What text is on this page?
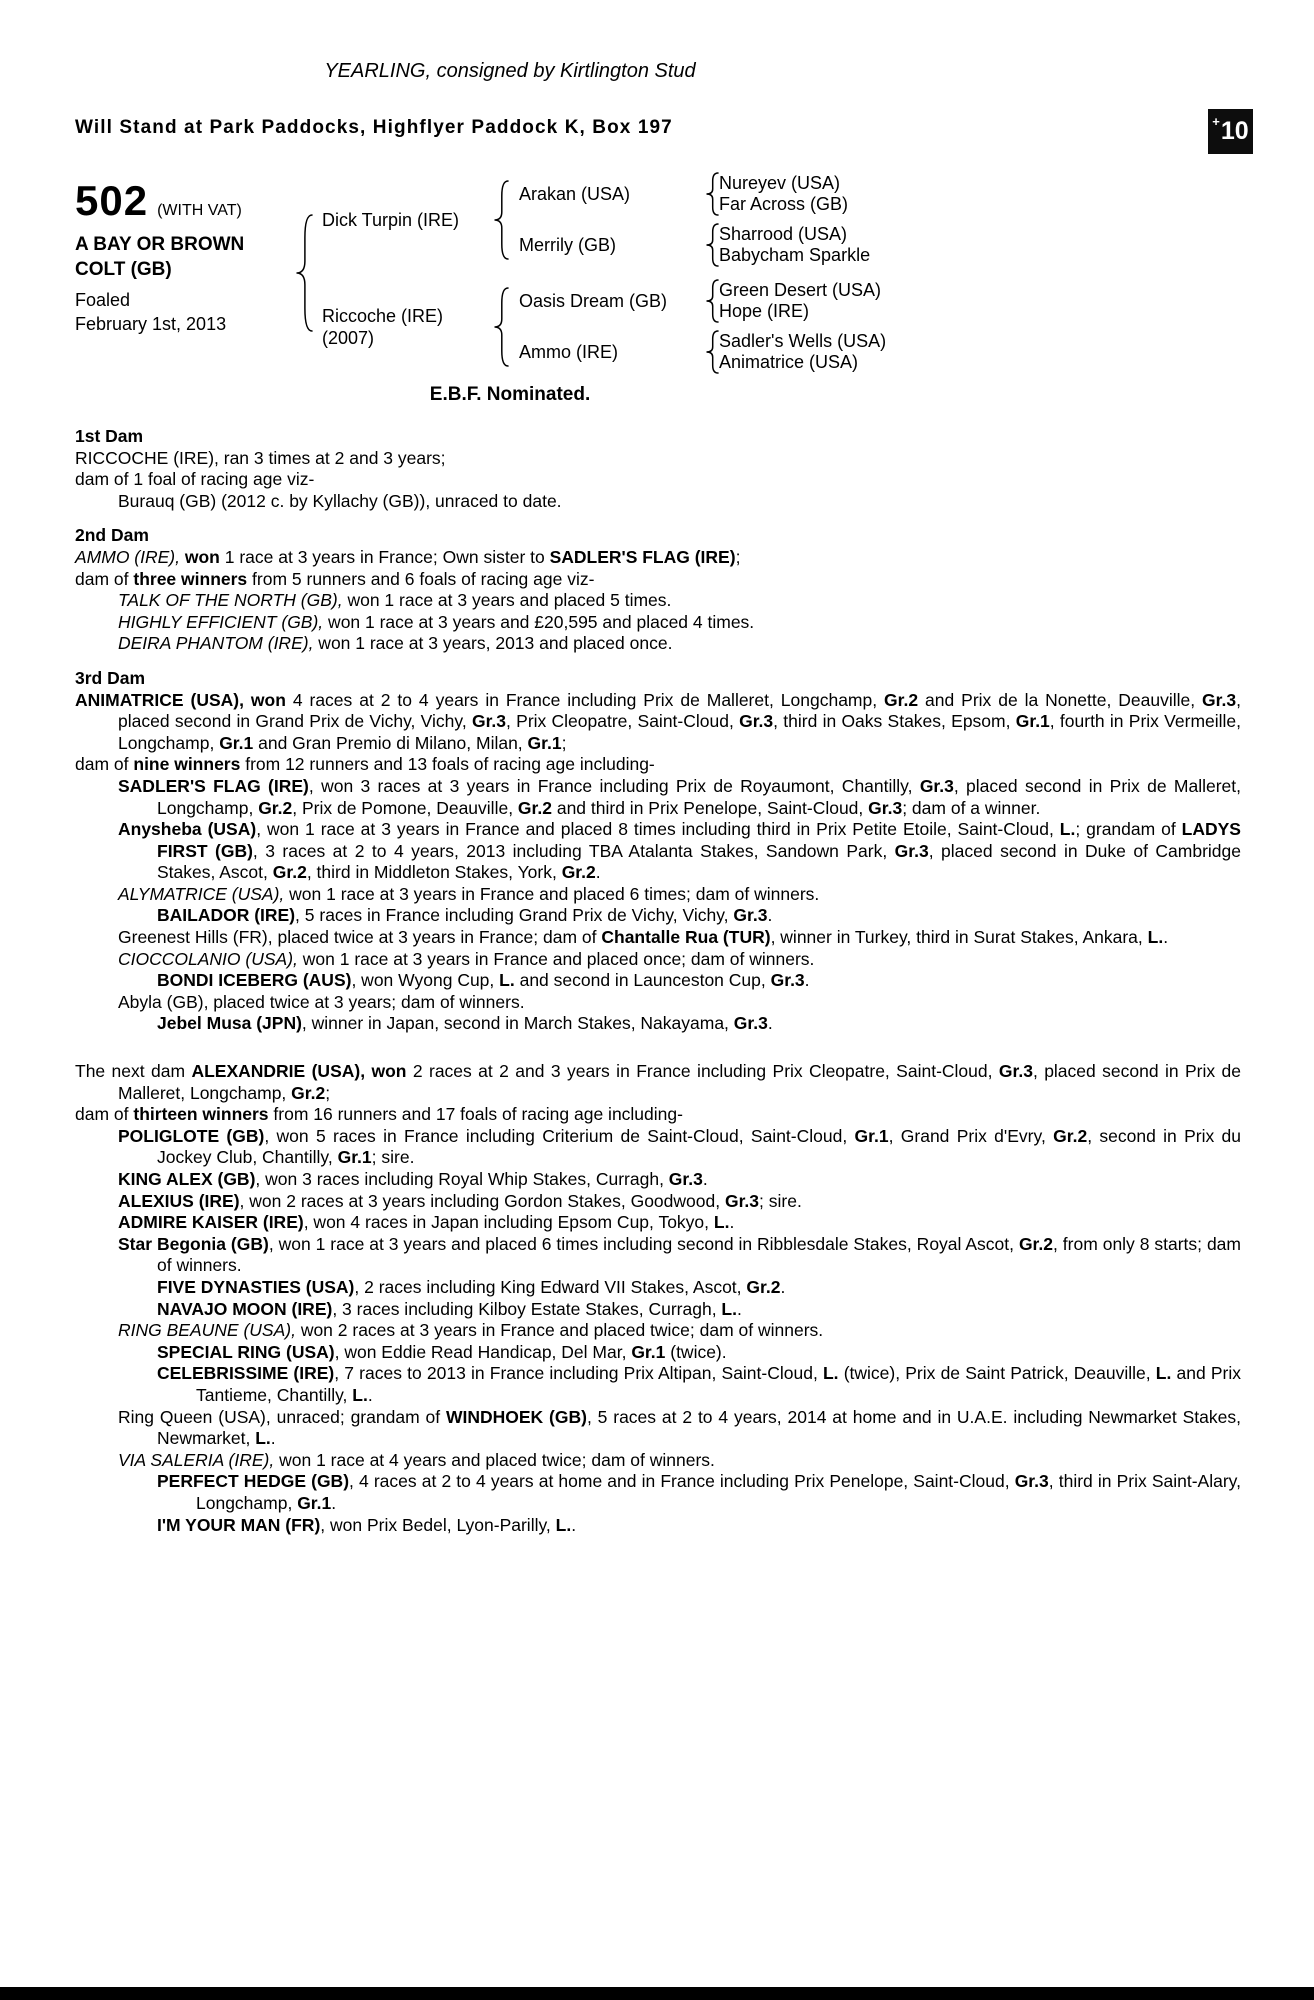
YEARLING, consigned by Kirtlington Stud
Will Stand at Park Paddocks, Highflyer Paddock K, Box 197	+ 10
502 (WITH VAT)
A BAY OR BROWN
COLT (GB)
Foaled
February 1st, 2013
Dick Turpin (IRE)
Arakan (USA)
Nureyev (USA)
Far Across (GB)
Merrily (GB)
Sharrood (USA)
Babycham Sparkle
Riccoche (IRE)
(2007)
Oasis Dream (GB)
Green Desert (USA)
Hope (IRE)
Ammo (IRE)
Sadler's Wells (USA)
Animatrice (USA)
E.B.F. Nominated.
1st Dam
RICCOCHE (IRE), ran 3 times at 2 and 3 years;
dam of 1 foal of racing age viz-
Burauq (GB) (2012 c. by Kyllachy (GB)), unraced to date.
2nd Dam
AMMO (IRE), won 1 race at 3 years in France; Own sister to SADLER'S FLAG (IRE);
dam of three winners from 5 runners and 6 foals of racing age viz-
TALK OF THE NORTH (GB), won 1 race at 3 years and placed 5 times.
HIGHLY EFFICIENT (GB), won 1 race at 3 years and £20,595 and placed 4 times.
DEIRA PHANTOM (IRE), won 1 race at 3 years, 2013 and placed once.
3rd Dam
ANIMATRICE (USA), won 4 races at 2 to 4 years in France including Prix de Malleret, Longchamp, Gr.2 and Prix de la Nonette, Deauville, Gr.3, placed second in Grand Prix de Vichy, Vichy, Gr.3, Prix Cleopatre, Saint-Cloud, Gr.3, third in Oaks Stakes, Epsom, Gr.1, fourth in Prix Vermeille, Longchamp, Gr.1 and Gran Premio di Milano, Milan, Gr.1;
dam of nine winners from 12 runners and 13 foals of racing age including-
SADLER'S FLAG (IRE), won 3 races at 3 years in France including Prix de Royaumont, Chantilly, Gr.3, placed second in Prix de Malleret, Longchamp, Gr.2, Prix de Pomone, Deauville, Gr.2 and third in Prix Penelope, Saint-Cloud, Gr.3; dam of a winner.
Anysheba (USA), won 1 race at 3 years in France and placed 8 times including third in Prix Petite Etoile, Saint-Cloud, L.; grandam of LADYS FIRST (GB), 3 races at 2 to 4 years, 2013 including TBA Atalanta Stakes, Sandown Park, Gr.3, placed second in Duke of Cambridge Stakes, Ascot, Gr.2, third in Middleton Stakes, York, Gr.2.
ALYMATRICE (USA), won 1 race at 3 years in France and placed 6 times; dam of winners.
BAILADOR (IRE), 5 races in France including Grand Prix de Vichy, Vichy, Gr.3.
Greenest Hills (FR), placed twice at 3 years in France; dam of Chantalle Rua (TUR), winner in Turkey, third in Surat Stakes, Ankara, L..
CIOCCOLANIO (USA), won 1 race at 3 years in France and placed once; dam of winners.
BONDI ICEBERG (AUS), won Wyong Cup, L. and second in Launceston Cup, Gr.3.
Abyla (GB), placed twice at 3 years; dam of winners.
Jebel Musa (JPN), winner in Japan, second in March Stakes, Nakayama, Gr.3.
The next dam ALEXANDRIE (USA), won 2 races at 2 and 3 years in France including Prix Cleopatre, Saint-Cloud, Gr.3, placed second in Prix de Malleret, Longchamp, Gr.2;
dam of thirteen winners from 16 runners and 17 foals of racing age including-
POLIGLOTE (GB), won 5 races in France including Criterium de Saint-Cloud, Saint-Cloud, Gr.1, Grand Prix d'Evry, Gr.2, second in Prix du Jockey Club, Chantilly, Gr.1; sire.
KING ALEX (GB), won 3 races including Royal Whip Stakes, Curragh, Gr.3.
ALEXIUS (IRE), won 2 races at 3 years including Gordon Stakes, Goodwood, Gr.3; sire.
ADMIRE KAISER (IRE), won 4 races in Japan including Epsom Cup, Tokyo, L..
Star Begonia (GB), won 1 race at 3 years and placed 6 times including second in Ribblesdale Stakes, Royal Ascot, Gr.2, from only 8 starts; dam of winners.
FIVE DYNASTIES (USA), 2 races including King Edward VII Stakes, Ascot, Gr.2.
NAVAJO MOON (IRE), 3 races including Kilboy Estate Stakes, Curragh, L..
RING BEAUNE (USA), won 2 races at 3 years in France and placed twice; dam of winners.
SPECIAL RING (USA), won Eddie Read Handicap, Del Mar, Gr.1 (twice).
CELEBRISSIME (IRE), 7 races to 2013 in France including Prix Altipan, Saint-Cloud, L. (twice), Prix de Saint Patrick, Deauville, L. and Prix Tantieme, Chantilly, L..
Ring Queen (USA), unraced; grandam of WINDHOEK (GB), 5 races at 2 to 4 years, 2014 at home and in U.A.E. including Newmarket Stakes, Newmarket, L..
VIA SALERIA (IRE), won 1 race at 4 years and placed twice; dam of winners.
PERFECT HEDGE (GB), 4 races at 2 to 4 years at home and in France including Prix Penelope, Saint-Cloud, Gr.3, third in Prix Saint-Alary, Longchamp, Gr.1.
I'M YOUR MAN (FR), won Prix Bedel, Lyon-Parilly, L..
